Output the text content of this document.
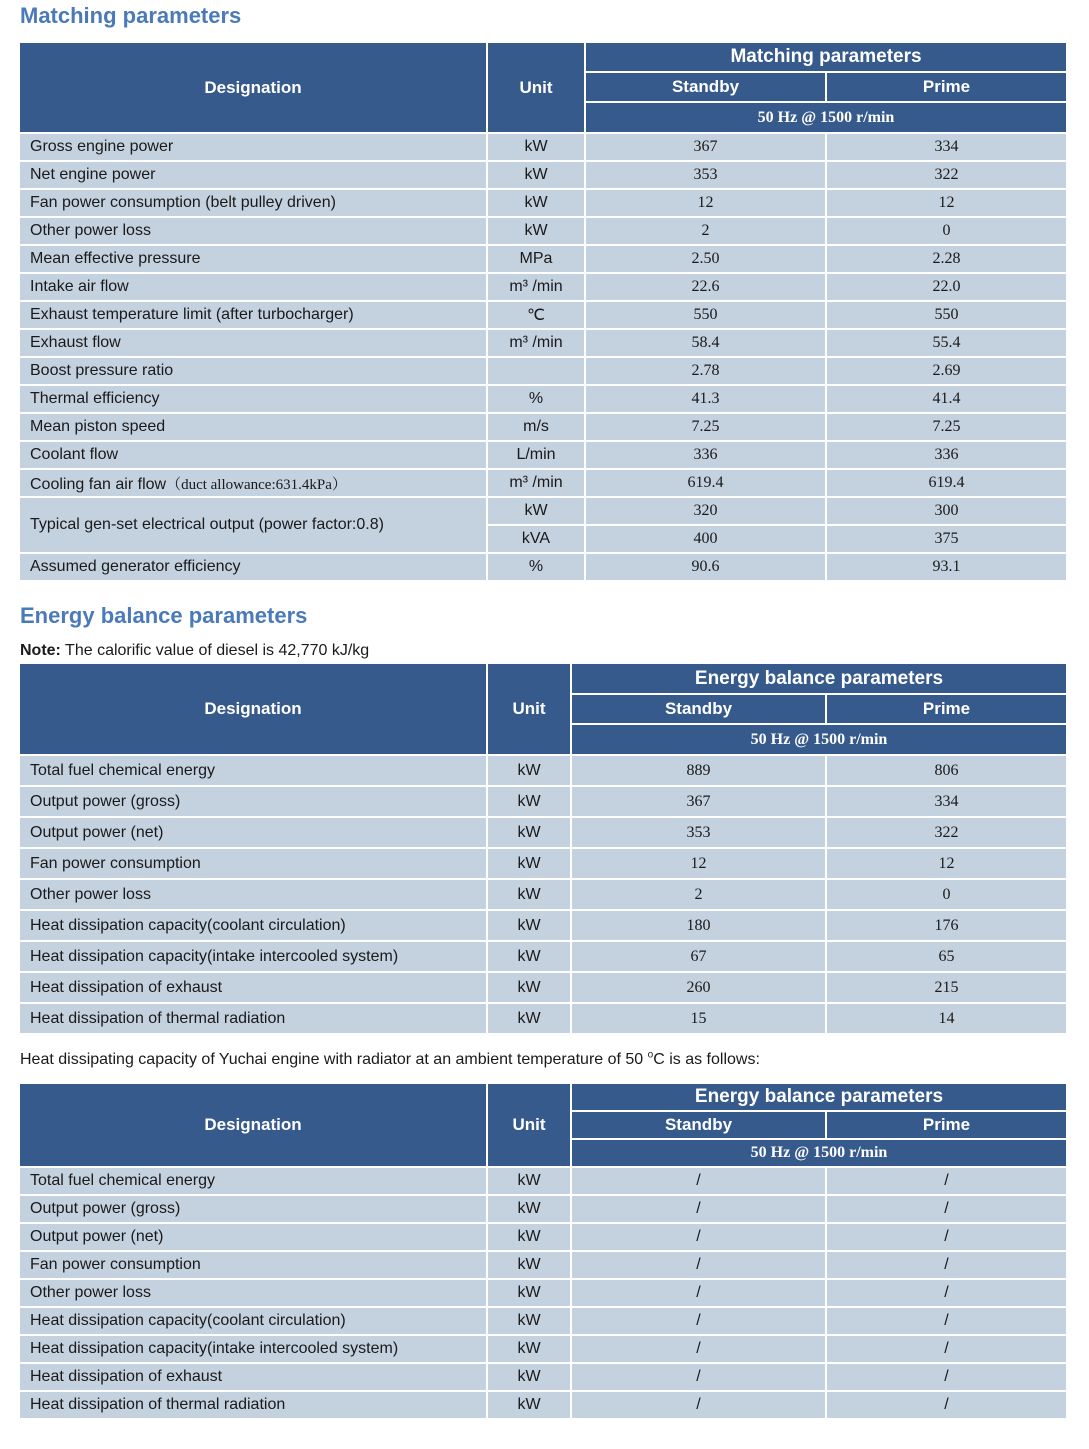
Matching parameters
Designation	Unit	Matching parameters	
		Standby	Prime
		50 Hz @ 1500 r/min	
Gross engine power	kW	367	334
Net engine power	kW	353	322
Fan power consumption (belt pulley driven)	kW	12	12
Other power loss	kW	2	0
Mean effective pressure	MPa	2.50	2.28
Intake air flow	m³ /min	22.6	22.0
Exhaust temperature limit (after turbocharger)	℃	550	550
Exhaust flow	m³ /min	58.4	55.4
Boost pressure ratio		2.78	2.69
Thermal efficiency	%	41.3	41.4
Mean piston speed	m/s	7.25	7.25
Coolant flow	L/min	336	336
Cooling fan air flow（duct allowance:631.4kPa）	m³ /min	619.4	619.4
Typical gen-set electrical output (power factor:0.8)	kW	320	300
	kVA	400	375
Assumed generator efficiency	%	90.6	93.1
Energy balance parameters

Note: The calorific value of diesel is 42,770 kJ/kg

Designation	Unit	Energy balance parameters	
		Standby	Prime
		50 Hz @ 1500 r/min	
Total fuel chemical energy	kW	889	806
Output power (gross)	kW	367	334
Output power (net)	kW	353	322
Fan power consumption	kW	12	12
Other power loss	kW	2	0
Heat dissipation capacity(coolant circulation)	kW	180	176
Heat dissipation capacity(intake intercooled system)	kW	67	65
Heat dissipation of exhaust	kW	260	215
Heat dissipation of thermal radiation	kW	15	14

Heat dissipating capacity of Yuchai engine with radiator at an ambient temperature of 50 $^o$C is as follows:

Designation	Unit	Energy balance parameters	
		Standby	Prime
		50 Hz @ 1500 r/min	
Total fuel chemical energy	kW	/	/
Output power (gross)	kW	/	/
Output power (net)	kW	/	/
Fan power consumption	kW	/	/
Other power loss	kW	/	/
Heat dissipation capacity(coolant circulation)	kW	/	/
Heat dissipation capacity(intake intercooled system)	kW	/	/
Heat dissipation of exhaust	kW	/	/
Heat dissipation of thermal radiation	kW	/	/
